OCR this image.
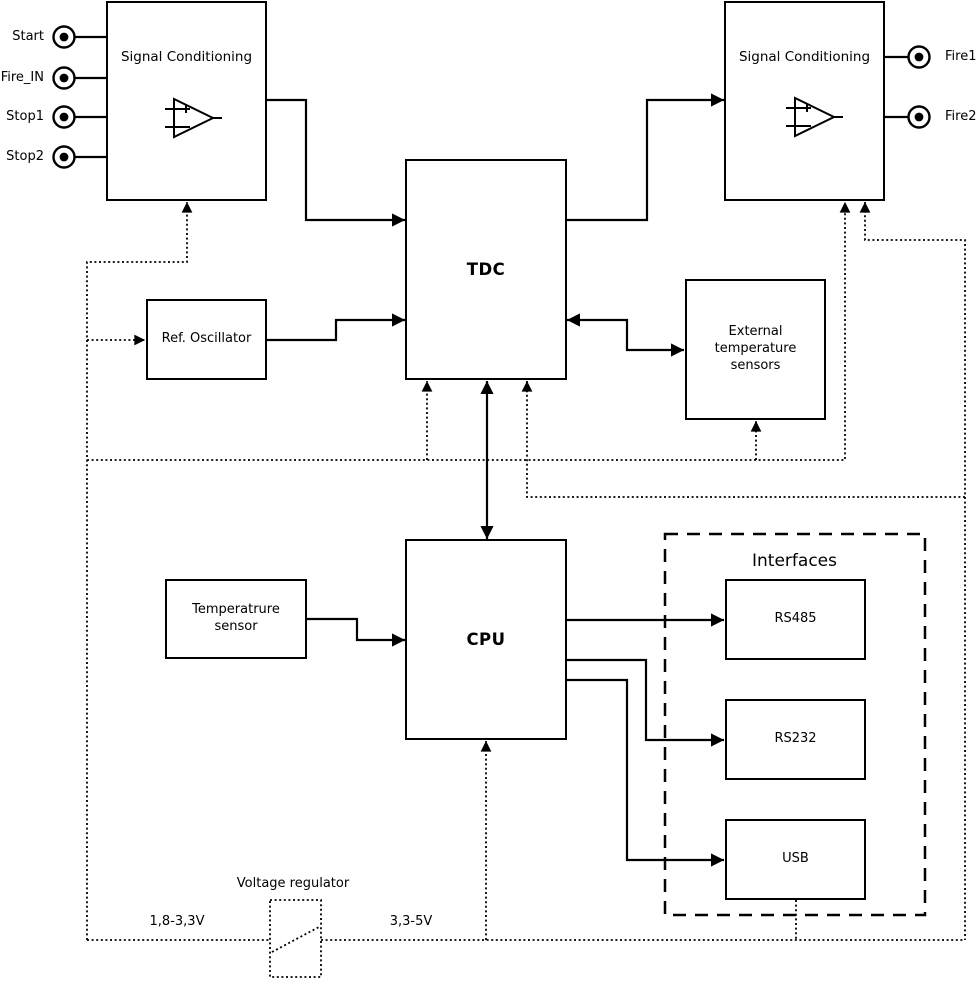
Signal Conditioning	Signal Conditioning
TDC
Ref. Oscillator	External temperature sensors
CPU
Temperatrure sensor
RS485
RS232
USB
Interfaces
Voltage regulator
1,8-3,3V	3,3-5V
Start
Fire_IN
Stop1
Stop2
Fire1
Fire2
